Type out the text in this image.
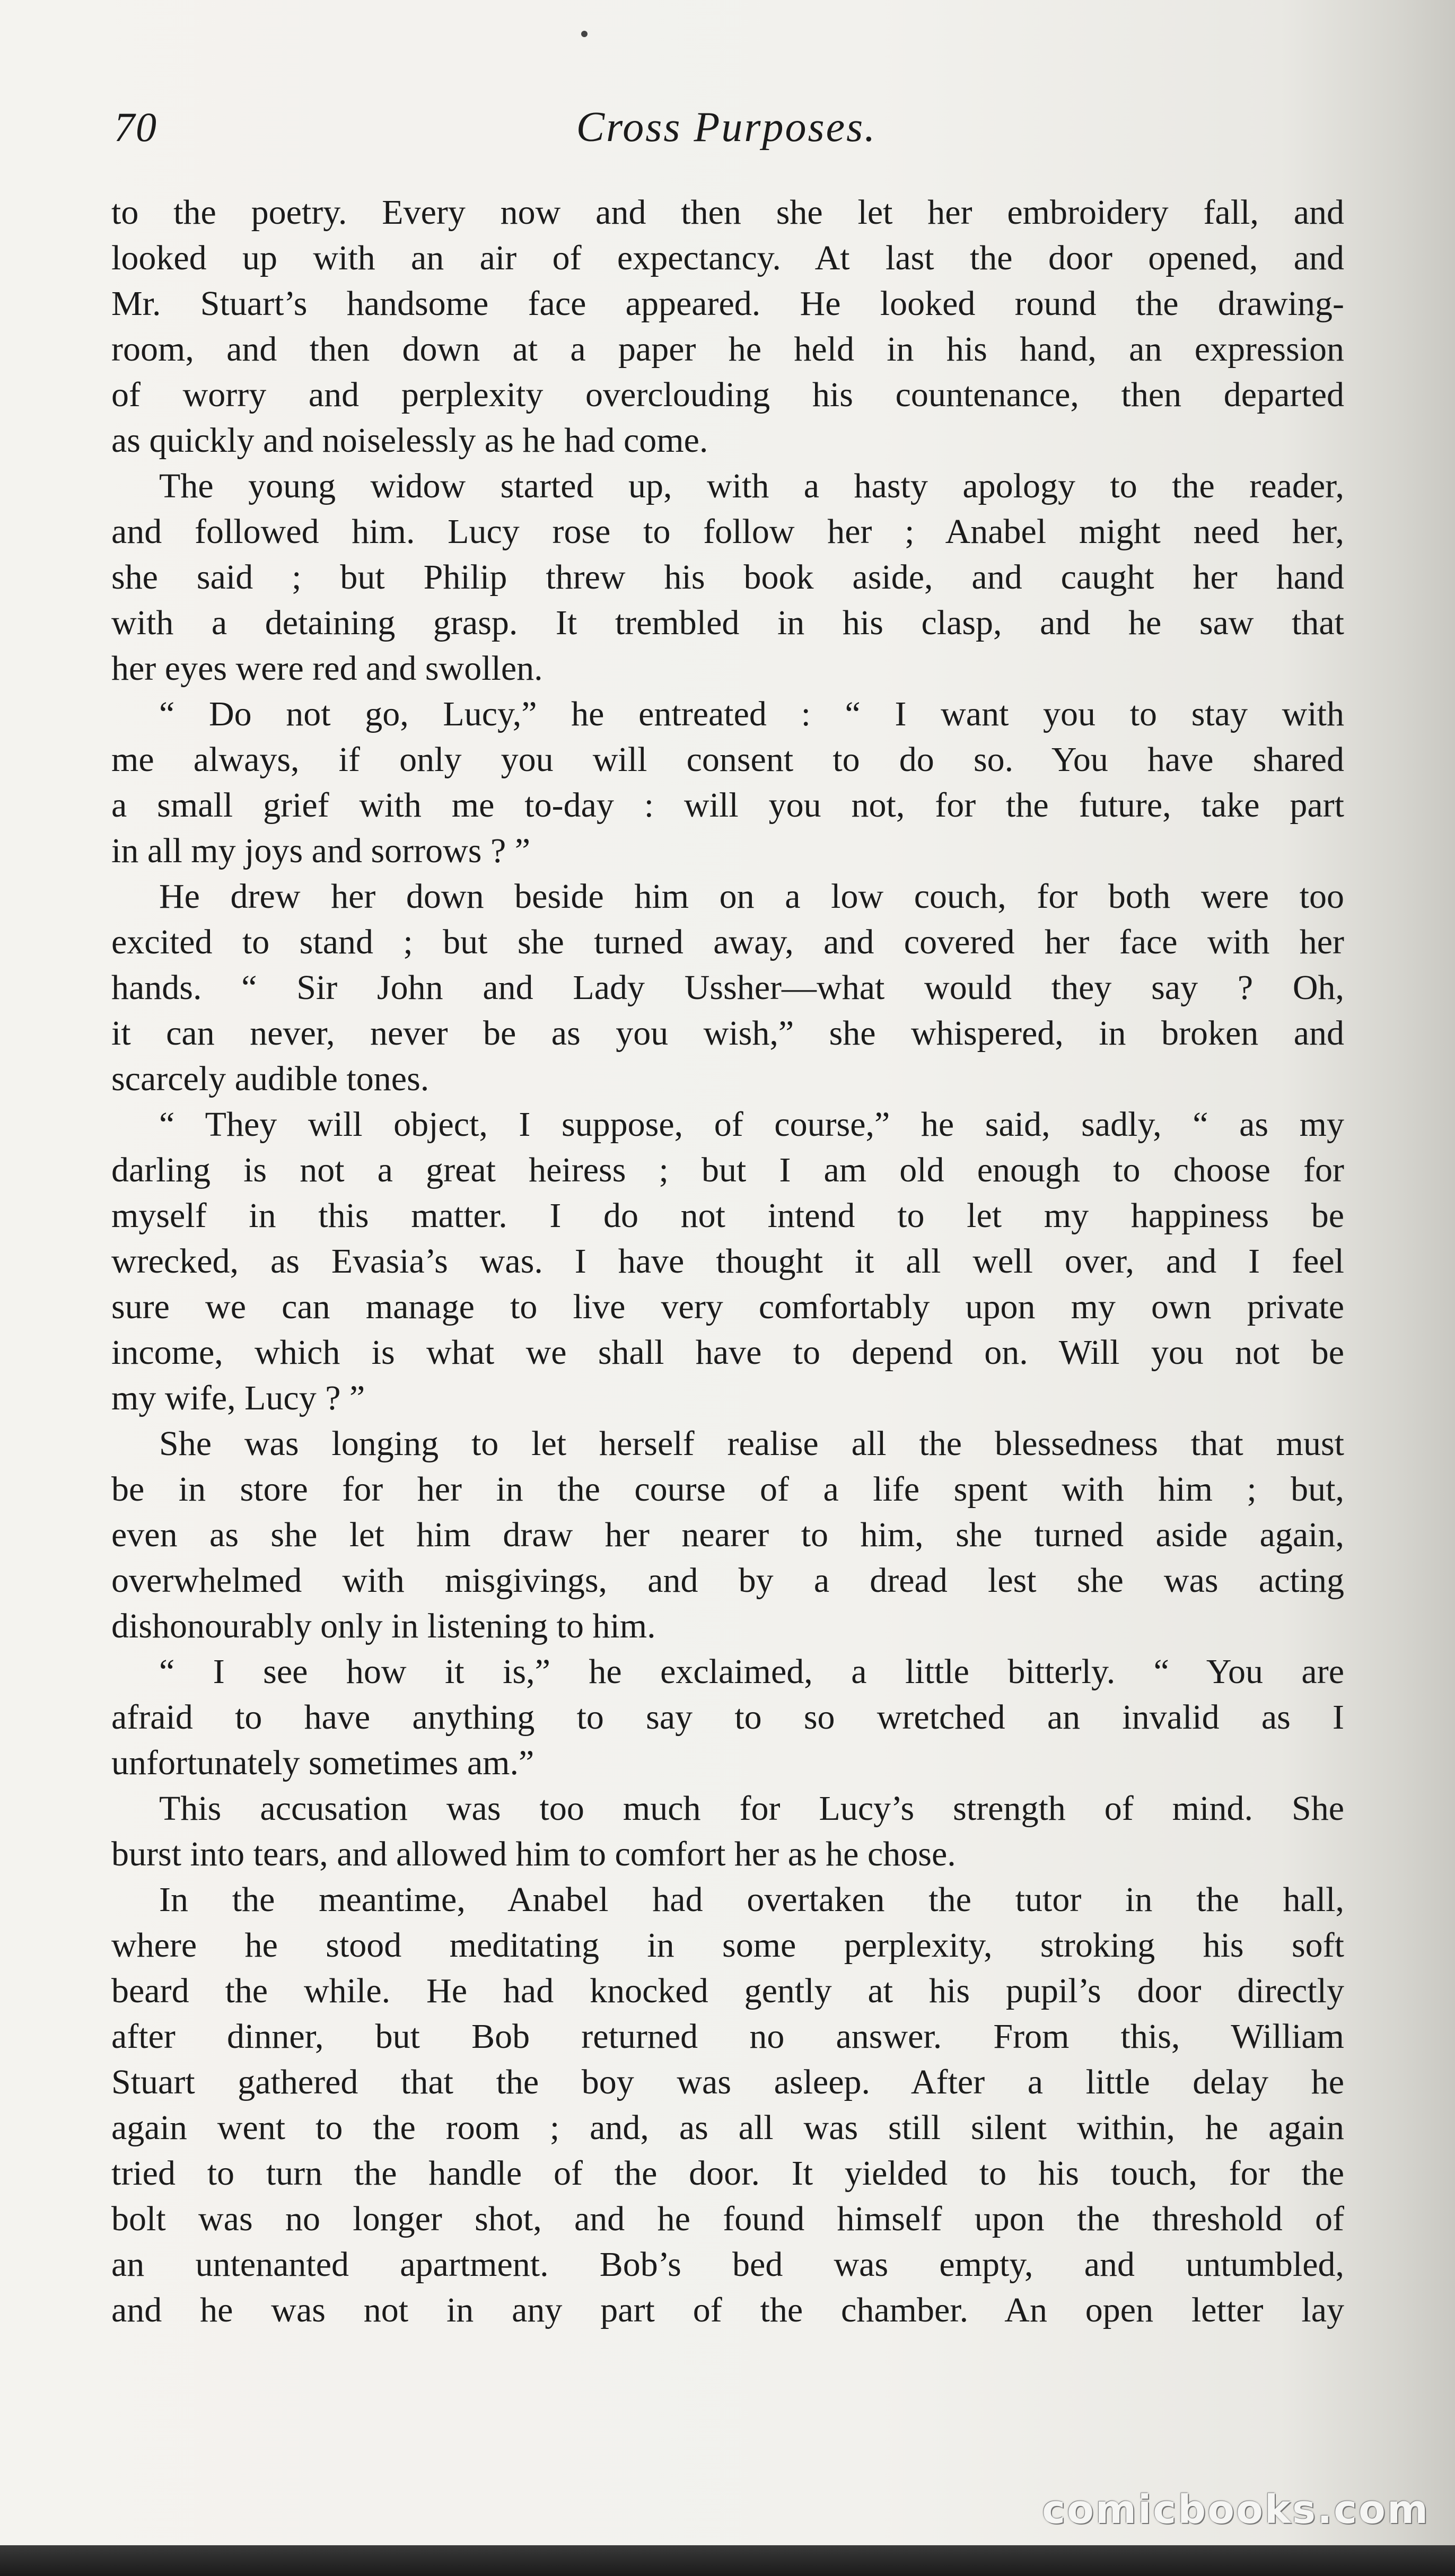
70	Cross Purposes.
to the poetry. Every now and then she let her embroidery fall, and
looked up with an air of expectancy. At last the door opened, and
Mr. Stuart’s handsome face appeared. He looked round the drawing-
room, and then down at a paper he held in his hand, an expression
of worry and perplexity overclouding his countenance, then departed
as quickly and noiselessly as he had come.
The young widow started up, with a hasty apology to the reader,
and followed him. Lucy rose to follow her ; Anabel might need her,
she said ; but Philip threw his book aside, and caught her hand
with a detaining grasp. It trembled in his clasp, and he saw that
her eyes were red and swollen.
“ Do not go, Lucy,” he entreated : “ I want you to stay with
me always, if only you will consent to do so. You have shared
a small grief with me to-day : will you not, for the future, take part
in all my joys and sorrows ? ”
He drew her down beside him on a low couch, for both were too
excited to stand ; but she turned away, and covered her face with her
hands. “ Sir John and Lady Ussher—what would they say ? Oh,
it can never, never be as you wish,” she whispered, in broken and
scarcely audible tones.
“ They will object, I suppose, of course,” he said, sadly, “ as my
darling is not a great heiress ; but I am old enough to choose for
myself in this matter. I do not intend to let my happiness be
wrecked, as Evasia’s was. I have thought it all well over, and I feel
sure we can manage to live very comfortably upon my own private
income, which is what we shall have to depend on. Will you not be
my wife, Lucy ? ”
She was longing to let herself realise all the blessedness that must
be in store for her in the course of a life spent with him ; but,
even as she let him draw her nearer to him, she turned aside again,
overwhelmed with misgivings, and by a dread lest she was acting
dishonourably only in listening to him.
“ I see how it is,” he exclaimed, a little bitterly. “ You are
afraid to have anything to say to so wretched an invalid as I
unfortunately sometimes am.”
This accusation was too much for Lucy’s strength of mind. She
burst into tears, and allowed him to comfort her as he chose.
In the meantime, Anabel had overtaken the tutor in the hall,
where he stood meditating in some perplexity, stroking his soft
beard the while. He had knocked gently at his pupil’s door directly
after dinner, but Bob returned no answer. From this, William
Stuart gathered that the boy was asleep. After a little delay he
again went to the room ; and, as all was still silent within, he again
tried to turn the handle of the door. It yielded to his touch, for the
bolt was no longer shot, and he found himself upon the threshold of
an untenanted apartment. Bob’s bed was empty, and untumbled,
and he was not in any part of the chamber. An open letter lay
comicbooks.com
